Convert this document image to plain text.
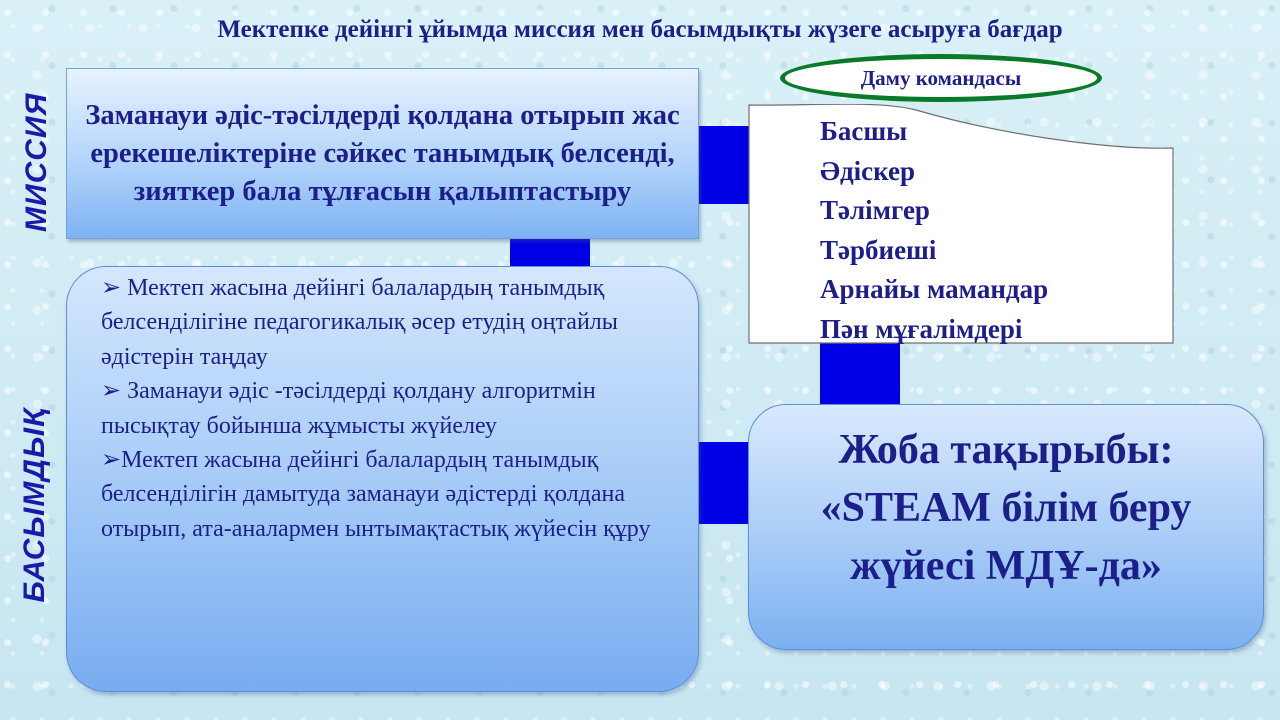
Мектепке дейінгі ұйымда миссия мен басымдықты жүзеге асыруға бағдар
МИССИЯ
БАСЫМДЫҚ
Заманауи әдіс-тәсілдерді қолдана отырып жас ерекешеліктеріне сәйкес танымдық белсенді, зияткер бала тұлғасын қалыптастыру
➢ Мектеп жасына дейінгі балалардың танымдық белсенділігіне педагогикалық әсер етудің оңтайлы әдістерін таңдау
➢ Заманауи әдіс -тәсілдерді қолдану алгоритмін пысықтау бойынша жұмысты жүйелеу
➢Мектеп жасына дейінгі балалардың танымдық белсенділігін дамытуда заманауи әдістерді қолдана отырып, ата-аналармен ынтымақтастық жүйесін құру
Басшы
Әдіскер
Тәлімгер
Тәрбиеші
Арнайы мамандар
Пән мұғалімдері
Даму командасы
Жоба тақырыбы: «STEAM білім беру жүйесі МДҰ-да»
